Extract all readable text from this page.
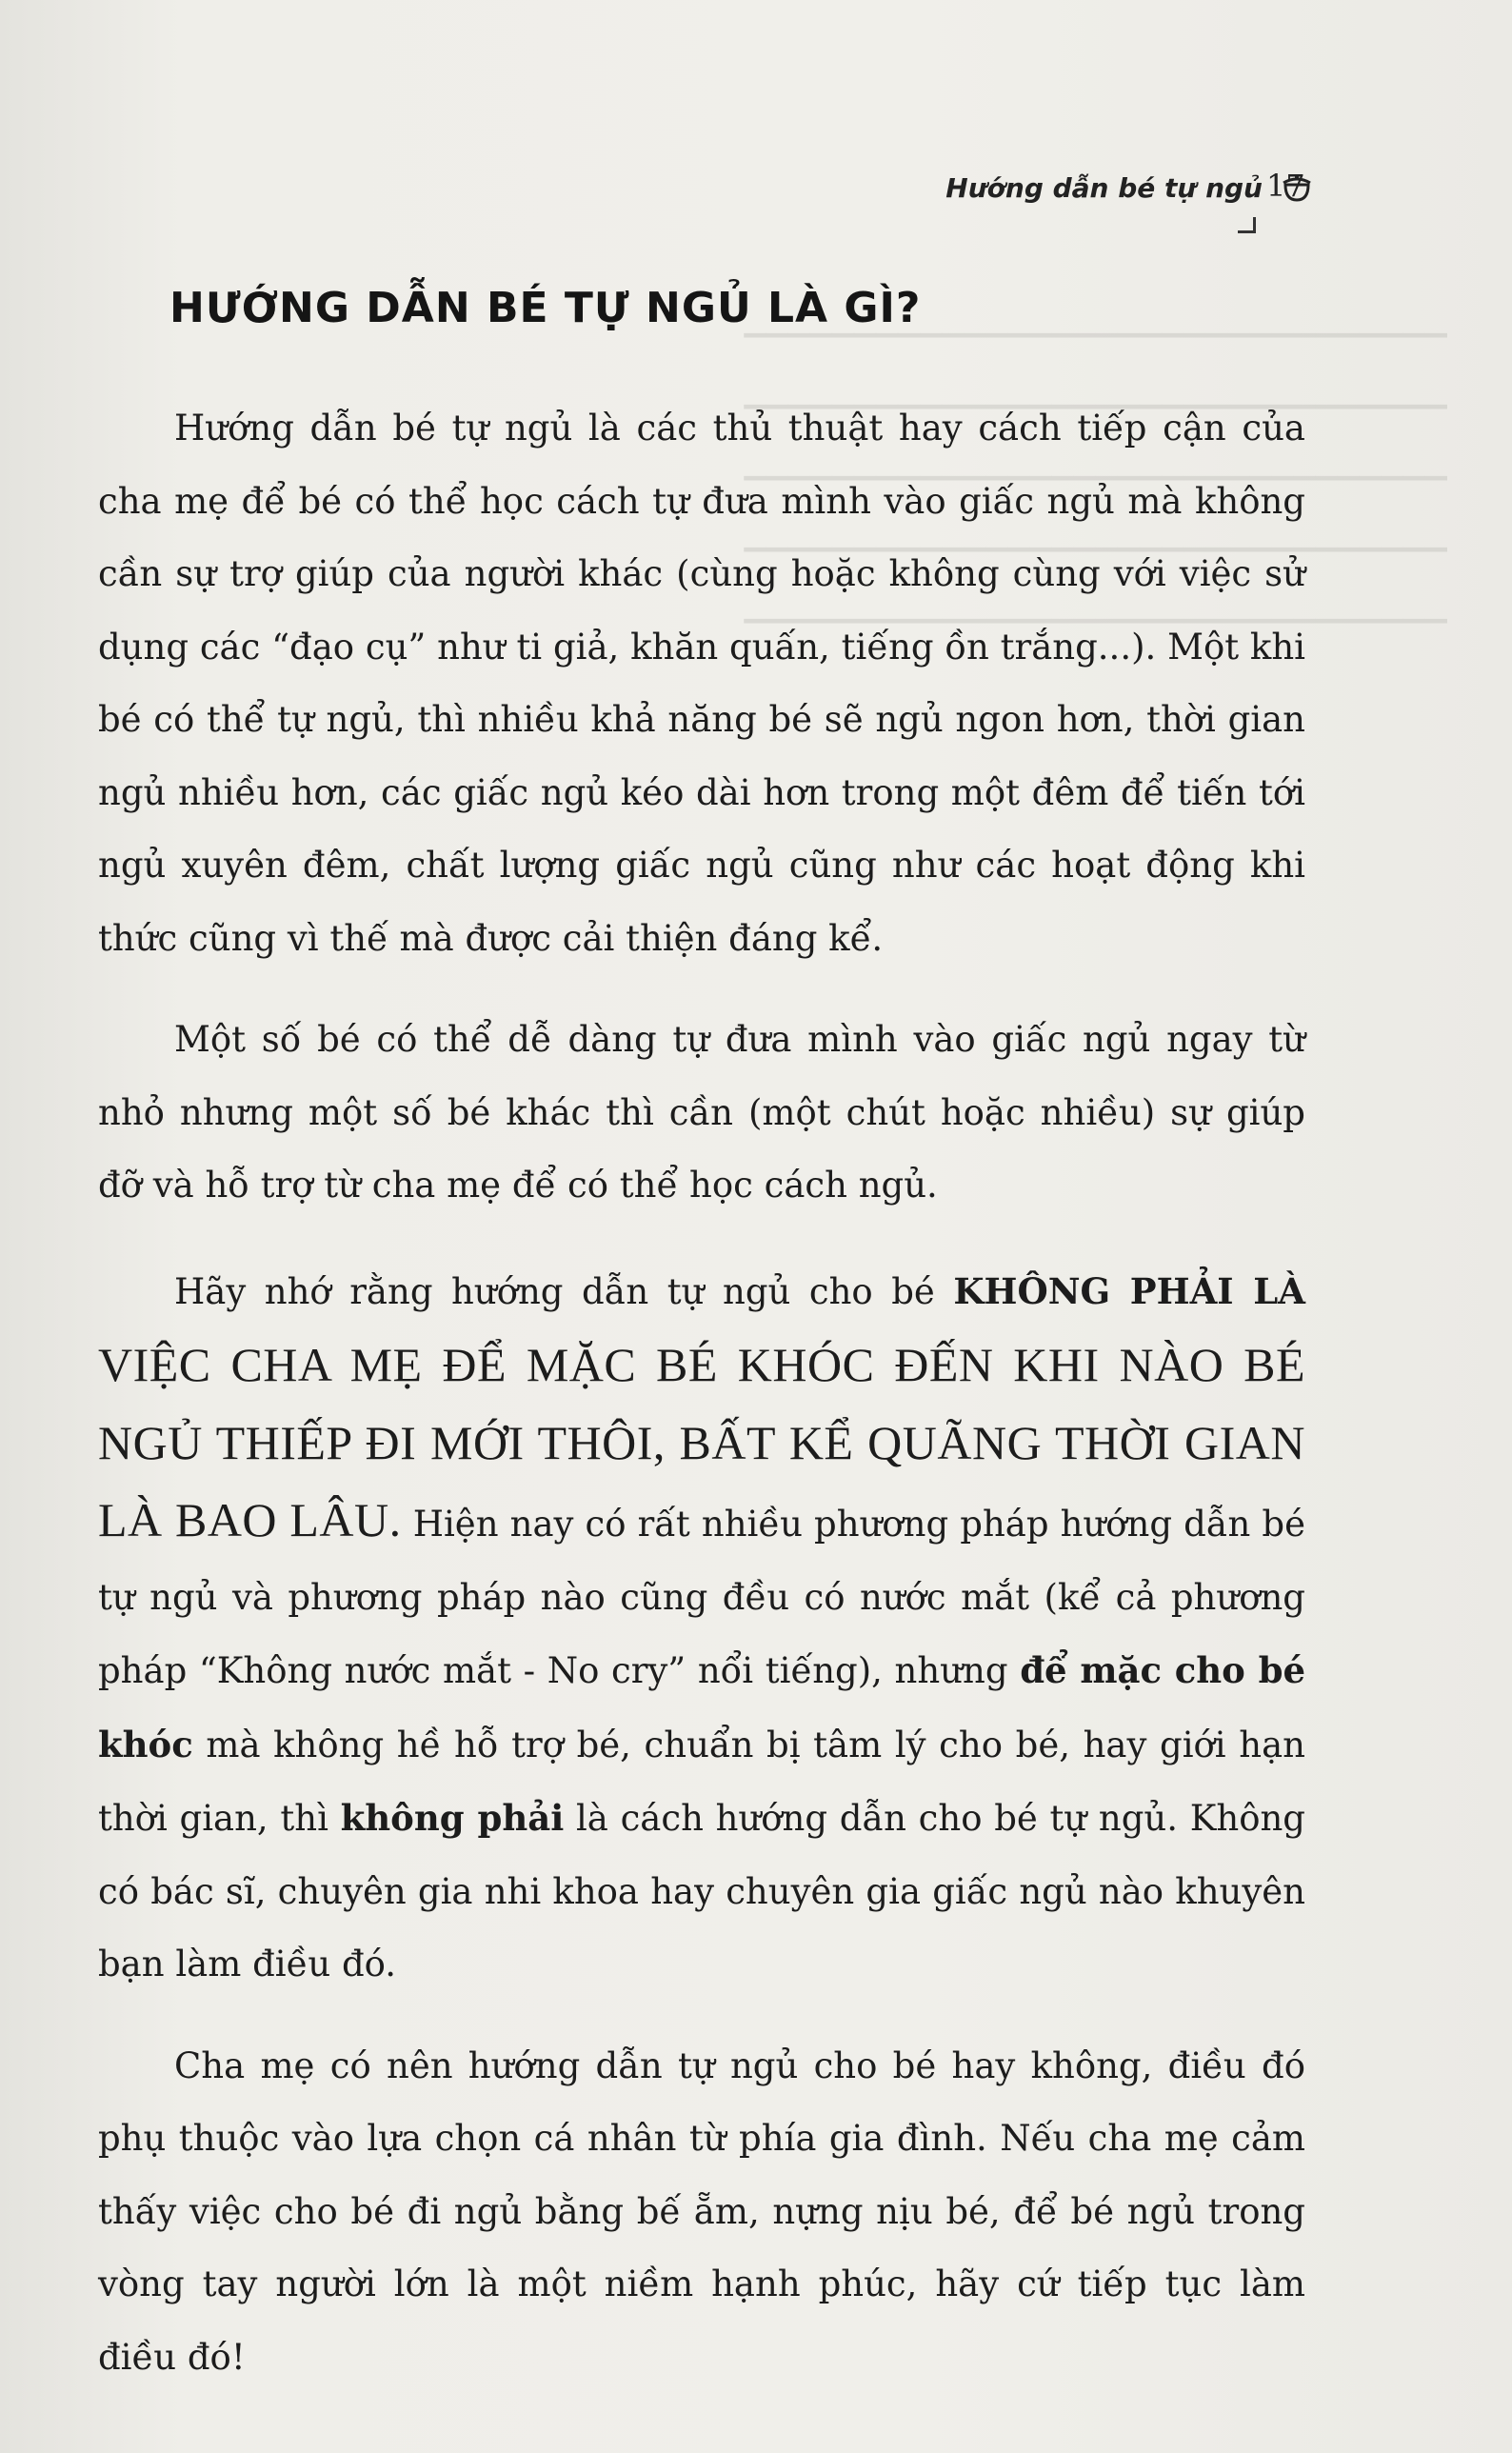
▁▁▁▁▁▁▁▁▁▁▁▁▁▁▁▁▁▁▁▁▁▁▁▁▁▁▁▁▁▁▁▁
▁▁▁▁▁▁▁▁▁▁▁▁▁▁▁▁▁▁▁▁▁▁▁▁▁▁▁▁▁▁▁▁
▁▁▁▁▁▁▁▁▁▁▁▁▁▁▁▁▁▁▁▁▁▁▁▁▁▁▁▁▁▁▁▁
▁▁▁▁▁▁▁▁▁▁▁▁▁▁▁▁▁▁▁▁▁▁▁▁▁▁▁▁▁▁▁▁
▁▁▁▁▁▁▁▁▁▁▁▁▁▁▁▁▁▁▁▁▁▁▁▁▁▁▁▁▁▁▁▁
Hướng dẫn bé tự ngủ 17
HƯỚNG DẪN BÉ TỰ NGỦ LÀ GÌ?

Hướng dẫn bé tự ngủ là các thủ thuật hay cách tiếp cận của cha mẹ để bé có thể học cách tự đưa mình vào giấc ngủ mà không cần sự trợ giúp của người khác (cùng hoặc không cùng với việc sử dụng các “đạo cụ” như ti giả, khăn quấn, tiếng ồn trắng...). Một khi bé có thể tự ngủ, thì nhiều khả năng bé sẽ ngủ ngon hơn, thời gian ngủ nhiều hơn, các giấc ngủ kéo dài hơn trong một đêm để tiến tới ngủ xuyên đêm, chất lượng giấc ngủ cũng như các hoạt động khi thức cũng vì thế mà được cải thiện đáng kể.

Một số bé có thể dễ dàng tự đưa mình vào giấc ngủ ngay từ nhỏ nhưng một số bé khác thì cần (một chút hoặc nhiều) sự giúp đỡ và hỗ trợ từ cha mẹ để có thể học cách ngủ.

Hãy nhớ rằng hướng dẫn tự ngủ cho bé KHÔNG PHẢI LÀ VIỆC CHA MẸ ĐỂ MẶC BÉ KHÓC ĐẾN KHI NÀO BÉ NGỦ THIẾP ĐI MỚI THÔI, BẤT KỂ QUÃNG THỜI GIAN LÀ BAO LÂU. Hiện nay có rất nhiều phương pháp hướng dẫn bé tự ngủ và phương pháp nào cũng đều có nước mắt (kể cả phương pháp “Không nước mắt - No cry” nổi tiếng), nhưng để mặc cho bé khóc mà không hề hỗ trợ bé, chuẩn bị tâm lý cho bé, hay giới hạn thời gian, thì không phải là cách hướng dẫn cho bé tự ngủ. Không có bác sĩ, chuyên gia nhi khoa hay chuyên gia giấc ngủ nào khuyên bạn làm điều đó.

Cha mẹ có nên hướng dẫn tự ngủ cho bé hay không, điều đó phụ thuộc vào lựa chọn cá nhân từ phía gia đình. Nếu cha mẹ cảm thấy việc cho bé đi ngủ bằng bế ẵm, nựng nịu bé, để bé ngủ trong vòng tay người lớn là một niềm hạnh phúc, hãy cứ tiếp tục làm điều đó!
